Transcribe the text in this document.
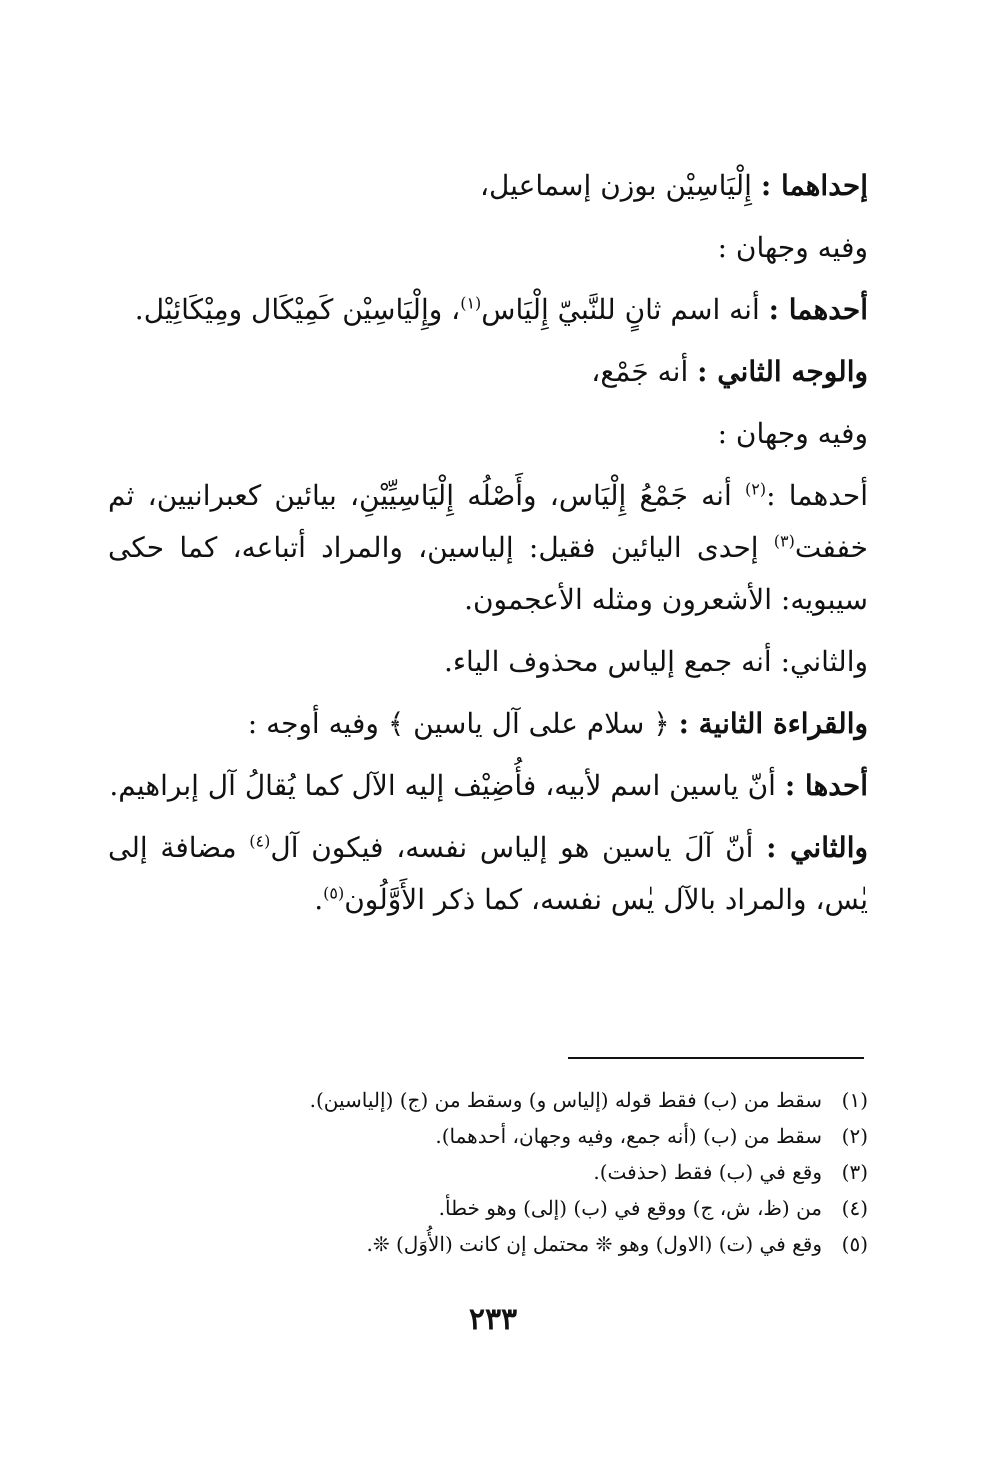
إحداهما : إِلْيَاسِيْن بوزن إسماعيل،

وفيه وجهان :

أحدهما : أنه اسم ثانٍ للنَّبيّ إِلْيَاس$^{(١)}$، وإِلْيَاسِيْن كَمِيْكَال ومِيْكَائِيْل.

والوجه الثاني : أنه جَمْع،

وفيه وجهان :

أحدهما :$^{(٢)}$ أنه جَمْعُ إِلْيَاس، وأَصْلُه إِلْيَاسِيِّيْنِ، بيائين كعبرانيين، ثم خففت$^{(٣)}$ إحدى اليائين فقيل: إلياسين، والمراد أتباعه، كما حكى سيبويه: الأشعرون ومثله الأعجمون.

والثاني: أنه جمع إلياس محذوف الياء.

والقراءة الثانية : ﴿ سلام على آل ياسين ﴾ وفيه أوجه :

أحدها : أنّ ياسين اسم لأبيه، فأُضِيْف إليه الآل كما يُقالُ آل إبراهيم.

والثاني : أنّ آلَ ياسين هو إلياس نفسه، فيكون آل$^{(٤)}$ مضافة إلى يٰس، والمراد بالآل يٰس نفسه، كما ذكر الأَوَّلُون$^{(٥)}$.

(١)سقط من (ب) فقط قوله (إلياس و) وسقط من (ج) (إلياسين).

(٢)سقط من (ب) (أنه جمع، وفيه وجهان، أحدهما).

(٣)وقع في (ب) فقط (حذفت).

(٤)من (ظ، ش، ج) ووقع في (ب) (إلى) وهو خطأ.

(٥)وقع في (ت) (الاول) وهو ❊ محتمل إن كانت (الأُوَل) ❊.

٢٣٣
